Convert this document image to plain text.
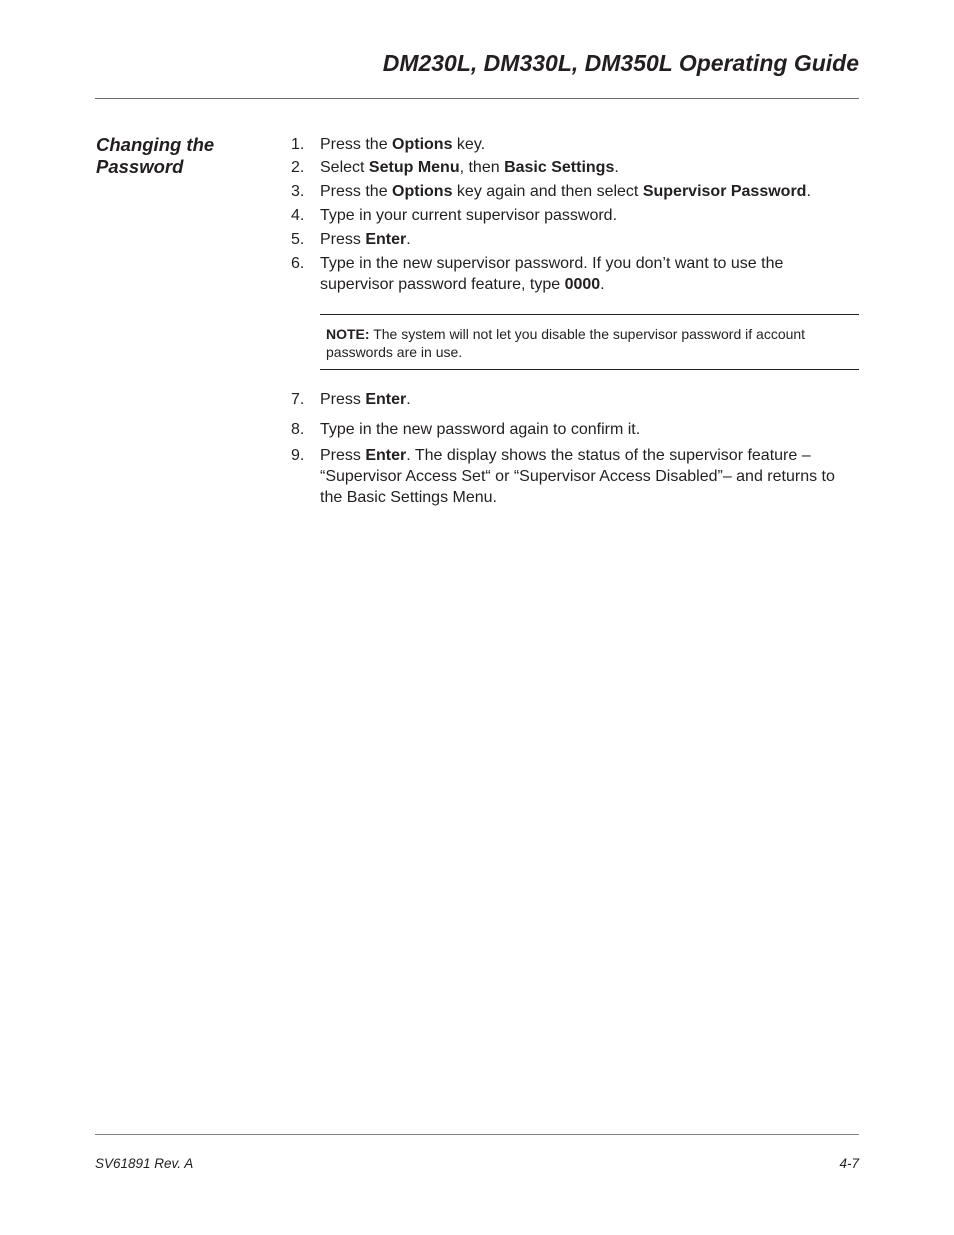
DM230L, DM330L, DM350L Operating Guide
Changing the Password
1. Press the Options key.
2. Select Setup Menu, then Basic Settings.
3. Press the Options key again and then select Supervisor Password.
4. Type in your current supervisor password.
5. Press Enter.
6. Type in the new supervisor password. If you don’t want to use the supervisor password feature, type 0000.
NOTE: The system will not let you disable the supervisor password if account passwords are in use.
7. Press Enter.
8. Type in the new password again to confirm it.
9. Press Enter. The display shows the status of the supervisor feature – “Supervisor Access Set“ or “Supervisor Access Disabled”– and returns to the Basic Settings Menu.
SV61891 Rev. A	4-7
